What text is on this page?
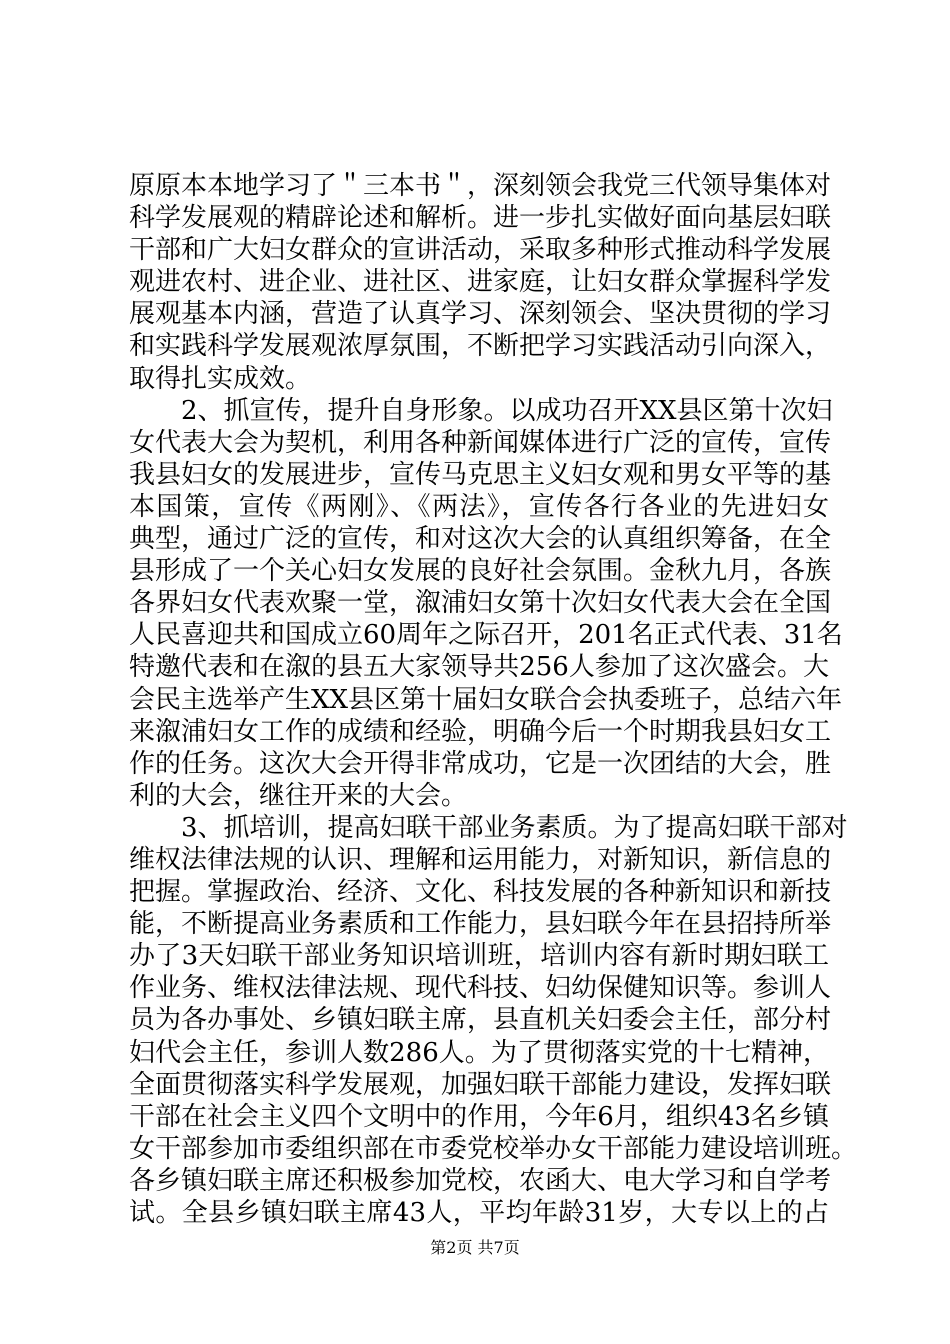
原原本本地学习了＂三本书＂，深刻领会我党三代领导集体对
科学发展观的精辟论述和解析。进一步扎实做好面向基层妇联
干部和广大妇女群众的宣讲活动，采取多种形式推动科学发展
观进农村、进企业、进社区、进家庭，让妇女群众掌握科学发
展观基本内涵，营造了认真学习、深刻领会、坚决贯彻的学习
和实践科学发展观浓厚氛围，不断把学习实践活动引向深入，
取得扎实成效。
2、抓宣传，提升自身形象。以成功召开XX县区第十次妇
女代表大会为契机，利用各种新闻媒体进行广泛的宣传，宣传
我县妇女的发展进步，宣传马克思主义妇女观和男女平等的基
本国策，宣传《两刚》、《两法》，宣传各行各业的先进妇女
典型，通过广泛的宣传，和对这次大会的认真组织筹备，在全
县形成了一个关心妇女发展的良好社会氛围。金秋九月，各族
各界妇女代表欢聚一堂，溆浦妇女第十次妇女代表大会在全国
人民喜迎共和国成立60周年之际召开，201名正式代表、31名
特邀代表和在溆的县五大家领导共256人参加了这次盛会。大
会民主选举产生XX县区第十届妇女联合会执委班子，总结六年
来溆浦妇女工作的成绩和经验，明确今后一个时期我县妇女工
作的任务。这次大会开得非常成功，它是一次团结的大会，胜
利的大会，继往开来的大会。
3、抓培训，提高妇联干部业务素质。为了提高妇联干部对
维权法律法规的认识、理解和运用能力，对新知识，新信息的
把握。掌握政治、经济、文化、科技发展的各种新知识和新技
能，不断提高业务素质和工作能力，县妇联今年在县招持所举
办了3天妇联干部业务知识培训班，培训内容有新时期妇联工
作业务、维权法律法规、现代科技、妇幼保健知识等。参训人
员为各办事处、乡镇妇联主席，县直机关妇委会主任，部分村
妇代会主任，参训人数286人。为了贯彻落实党的十七精神，
全面贯彻落实科学发展观，加强妇联干部能力建设，发挥妇联
干部在社会主义四个文明中的作用，今年6月，组织43名乡镇
女干部参加市委组织部在市委党校举办女干部能力建设培训班。
各乡镇妇联主席还积极参加党校，农函大、电大学习和自学考
试。全县乡镇妇联主席43人，平均年龄31岁，大专以上的占
第2页 共7页
